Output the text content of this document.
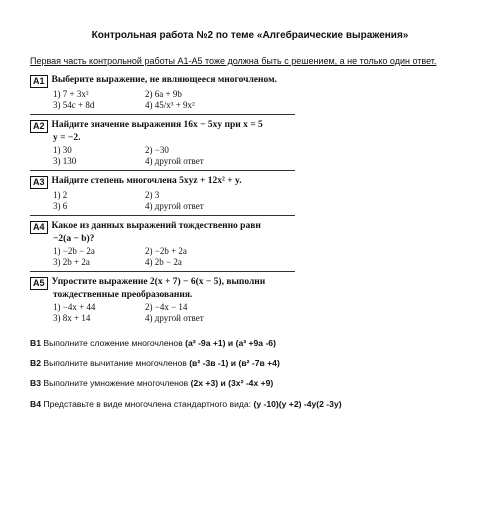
Контрольная работа №2 по теме «Алгебраические выражения»
Первая часть контрольной работы А1-А5 тоже должна быть с решением, а не только один ответ.
A1 Выберите выражение, не являющееся многочленом.
1) 7 + 3x²	2) 6a + 9b
3) 54c + 8d	4) 45/x³ + 9x²
A2 Найдите значение выражения 16x − 5xy при x = 5
y = −2.
1) 30	2) −30
3) 130	4) другой ответ
A3 Найдите степень многочлена 5xyz + 12x² + y.
1) 2	2) 3
3) 6	4) другой ответ
A4 Какое из данных выражений тождественно равн
−2(a − b)?
1) −2b − 2a	2) −2b + 2a
3) 2b + 2a	4) 2b − 2a
A5 Упростите выражение 2(x + 7) − 6(x − 5), выполни
тождественные преобразования.
1) −4x + 44	2) −4x − 14
3) 8x + 14	4) другой ответ
B1 Выполните сложение многочленов (a² -9a +1) и (a³ +9a -6)
B2 Выполните вычитание многочленов (в² -3в -1) и (в² -7в +4)
B3 Выполните умножение многочленов (2x +3) и (3x² -4x +9)
B4 Представьте в виде многочлена стандартного вида: (y -10)(y +2) -4y(2 -3y)
